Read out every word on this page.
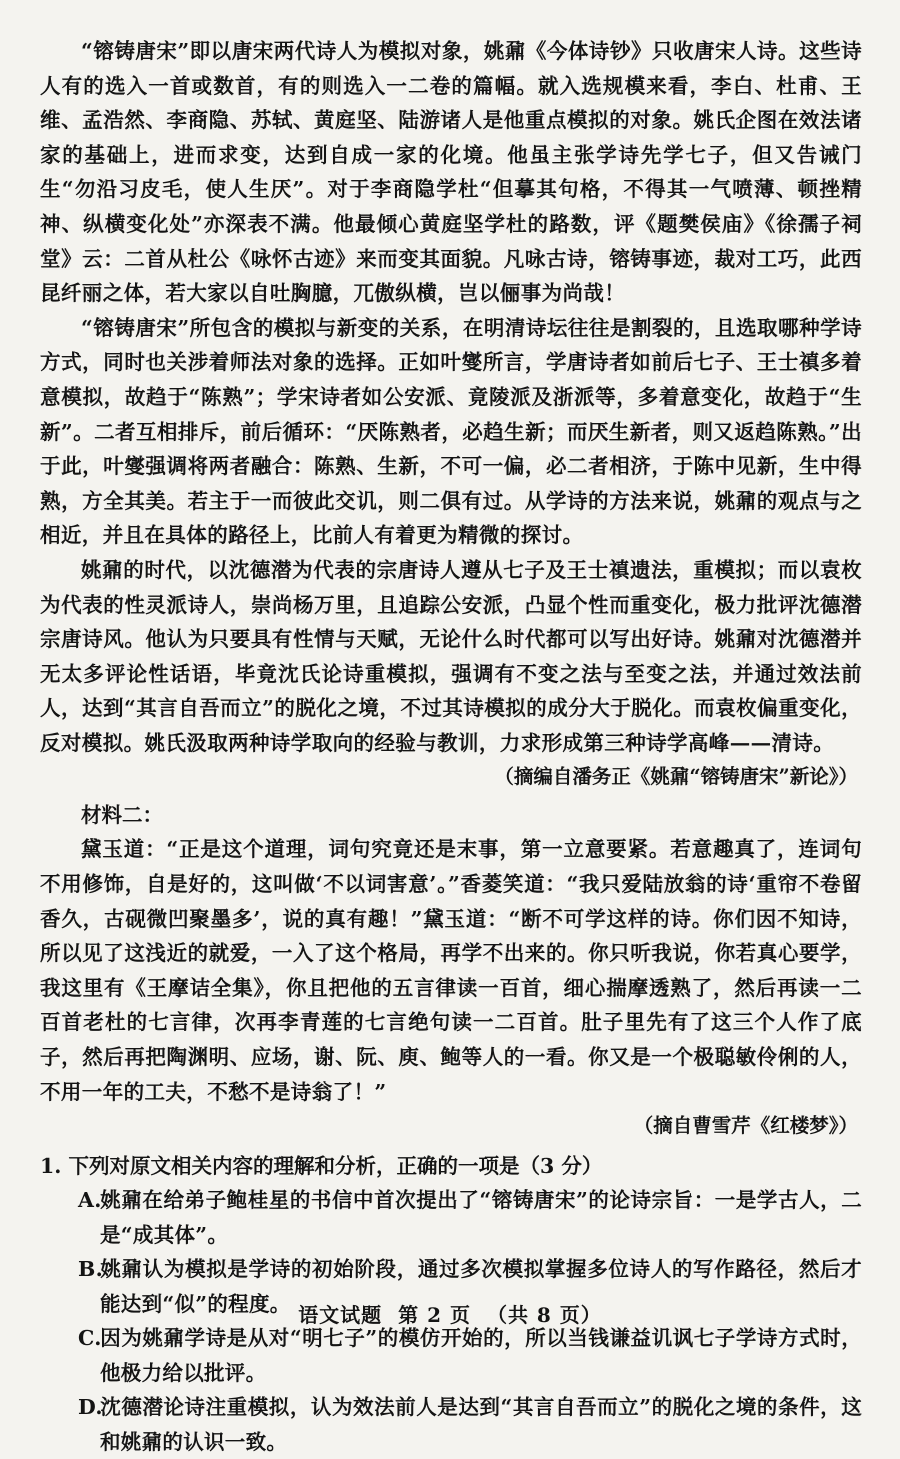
“镕铸唐宋”即以唐宋两代诗人为模拟对象，姚鼐《今体诗钞》只收唐宋人诗。这些诗人有的选入一首或数首，有的则选入一二卷的篇幅。就入选规模来看，李白、杜甫、王维、孟浩然、李商隐、苏轼、黄庭坚、陆游诸人是他重点模拟的对象。姚氏企图在效法诸家的基础上，进而求变，达到自成一家的化境。他虽主张学诗先学七子，但又告诫门生“勿沿习皮毛，使人生厌”。对于李商隐学杜“但摹其句格，不得其一气喷薄、顿挫精神、纵横变化处”亦深表不满。他最倾心黄庭坚学杜的路数，评《题樊侯庙》《徐孺子祠堂》云：二首从杜公《咏怀古迹》来而变其面貌。凡咏古诗，镕铸事迹，裁对工巧，此西昆纤丽之体，若大家以自吐胸臆，兀傲纵横，岂以俪事为尚哉！

“镕铸唐宋”所包含的模拟与新变的关系，在明清诗坛往往是割裂的，且选取哪种学诗方式，同时也关涉着师法对象的选择。正如叶燮所言，学唐诗者如前后七子、王士禛多着意模拟，故趋于“陈熟”；学宋诗者如公安派、竟陵派及浙派等，多着意变化，故趋于“生新”。二者互相排斥，前后循环：“厌陈熟者，必趋生新；而厌生新者，则又返趋陈熟。”出于此，叶燮强调将两者融合：陈熟、生新，不可一偏，必二者相济，于陈中见新，生中得熟，方全其美。若主于一而彼此交讥，则二俱有过。从学诗的方法来说，姚鼐的观点与之相近，并且在具体的路径上，比前人有着更为精微的探讨。

姚鼐的时代，以沈德潜为代表的宗唐诗人遵从七子及王士禛遗法，重模拟；而以袁枚为代表的性灵派诗人，崇尚杨万里，且追踪公安派，凸显个性而重变化，极力批评沈德潜宗唐诗风。他认为只要具有性情与天赋，无论什么时代都可以写出好诗。姚鼐对沈德潜并无太多评论性话语，毕竟沈氏论诗重模拟，强调有不变之法与至变之法，并通过效法前人，达到“其言自吾而立”的脱化之境，不过其诗模拟的成分大于脱化。而袁枚偏重变化，反对模拟。姚氏汲取两种诗学取向的经验与教训，力求形成第三种诗学高峰——清诗。

（摘编自潘务正《姚鼐“镕铸唐宋”新论》）

材料二：

黛玉道：“正是这个道理，词句究竟还是末事，第一立意要紧。若意趣真了，连词句不用修饰，自是好的，这叫做‘不以词害意’。”香菱笑道：“我只爱陆放翁的诗‘重帘不卷留香久，古砚微凹聚墨多’，说的真有趣！”黛玉道：“断不可学这样的诗。你们因不知诗，所以见了这浅近的就爱，一入了这个格局，再学不出来的。你只听我说，你若真心要学，我这里有《王摩诘全集》，你且把他的五言律读一百首，细心揣摩透熟了，然后再读一二百首老杜的七言律，次再李青莲的七言绝句读一二百首。肚子里先有了这三个人作了底子，然后再把陶渊明、应场，谢、阮、庾、鲍等人的一看。你又是一个极聪敏伶俐的人，不用一年的工夫，不愁不是诗翁了！”

（摘自曹雪芹《红楼梦》）

1. 下列对原文相关内容的理解和分析，正确的一项是（3 分）

A.姚鼐在给弟子鲍桂星的书信中首次提出了“镕铸唐宋”的论诗宗旨：一是学古人，二是“成其体”。
B.姚鼐认为模拟是学诗的初始阶段，通过多次模拟掌握多位诗人的写作路径，然后才能达到“似”的程度。
C.因为姚鼐学诗是从对“明七子”的模仿开始的，所以当钱谦益讥讽七子学诗方式时，他极力给以批评。
D.沈德潜论诗注重模拟，认为效法前人是达到“其言自吾而立”的脱化之境的条件，这和姚鼐的认识一致。
语文试题 第 2 页 （共 8 页）
